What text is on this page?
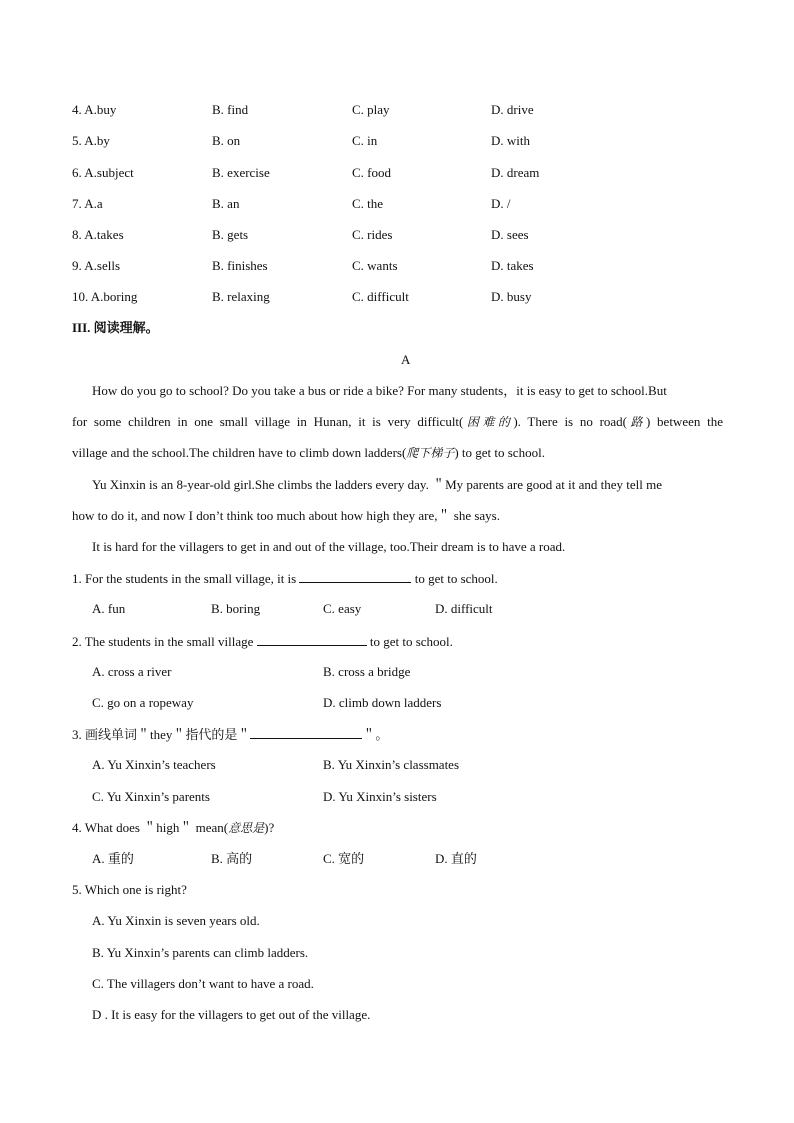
4. A.buy	B. find	C. play	D. drive
5. A.by	B. on	C. in	D. with
6. A.subject	B. exercise	C. food	D. dream
7. A.a	B. an	C. the	D. /
8. A.takes	B. gets	C. rides	D. sees
9. A.sells	B. finishes	C. wants	D. takes
10. A.boring	B. relaxing	C. difficult	D. busy
III. 阅读理解。
A
How do you go to school? Do you take a bus or ride a bike? For many students，it is easy to get to school.But
for some children in one small village in Hunan, it is very difficult(困难的). There is no road(路) between the
village and the school.The children have to climb down ladders(爬下梯子) to get to school.
Yu Xinxin is an 8-year-old girl.She climbs the ladders every day. ＂My parents are good at it and they tell me
how to do it, and now I don’t think too much about how high they are,＂ she says.
It is hard for the villagers to get in and out of the village, too.Their dream is to have a road.
1. For the students in the small village, it is	to get to school.
A. fun	B. boring	C. easy	D. difficult
2. The students in the small village	to get to school.
A. cross a river	B. cross a bridge
C. go on a ropeway	D. climb down ladders
3. 画线单词＂they＂指代的是＂	＂。
A. Yu Xinxin’s teachers	B. Yu Xinxin’s classmates
C. Yu Xinxin’s parents	D. Yu Xinxin’s sisters
4. What does ＂high＂ mean(意思是)?
A. 重的	B. 高的	C. 宽的	D. 直的
5. Which one is right?
A. Yu Xinxin is seven years old.
B. Yu Xinxin’s parents can climb ladders.
C. The villagers don’t want to have a road.
D . It is easy for the villagers to get out of the village.
